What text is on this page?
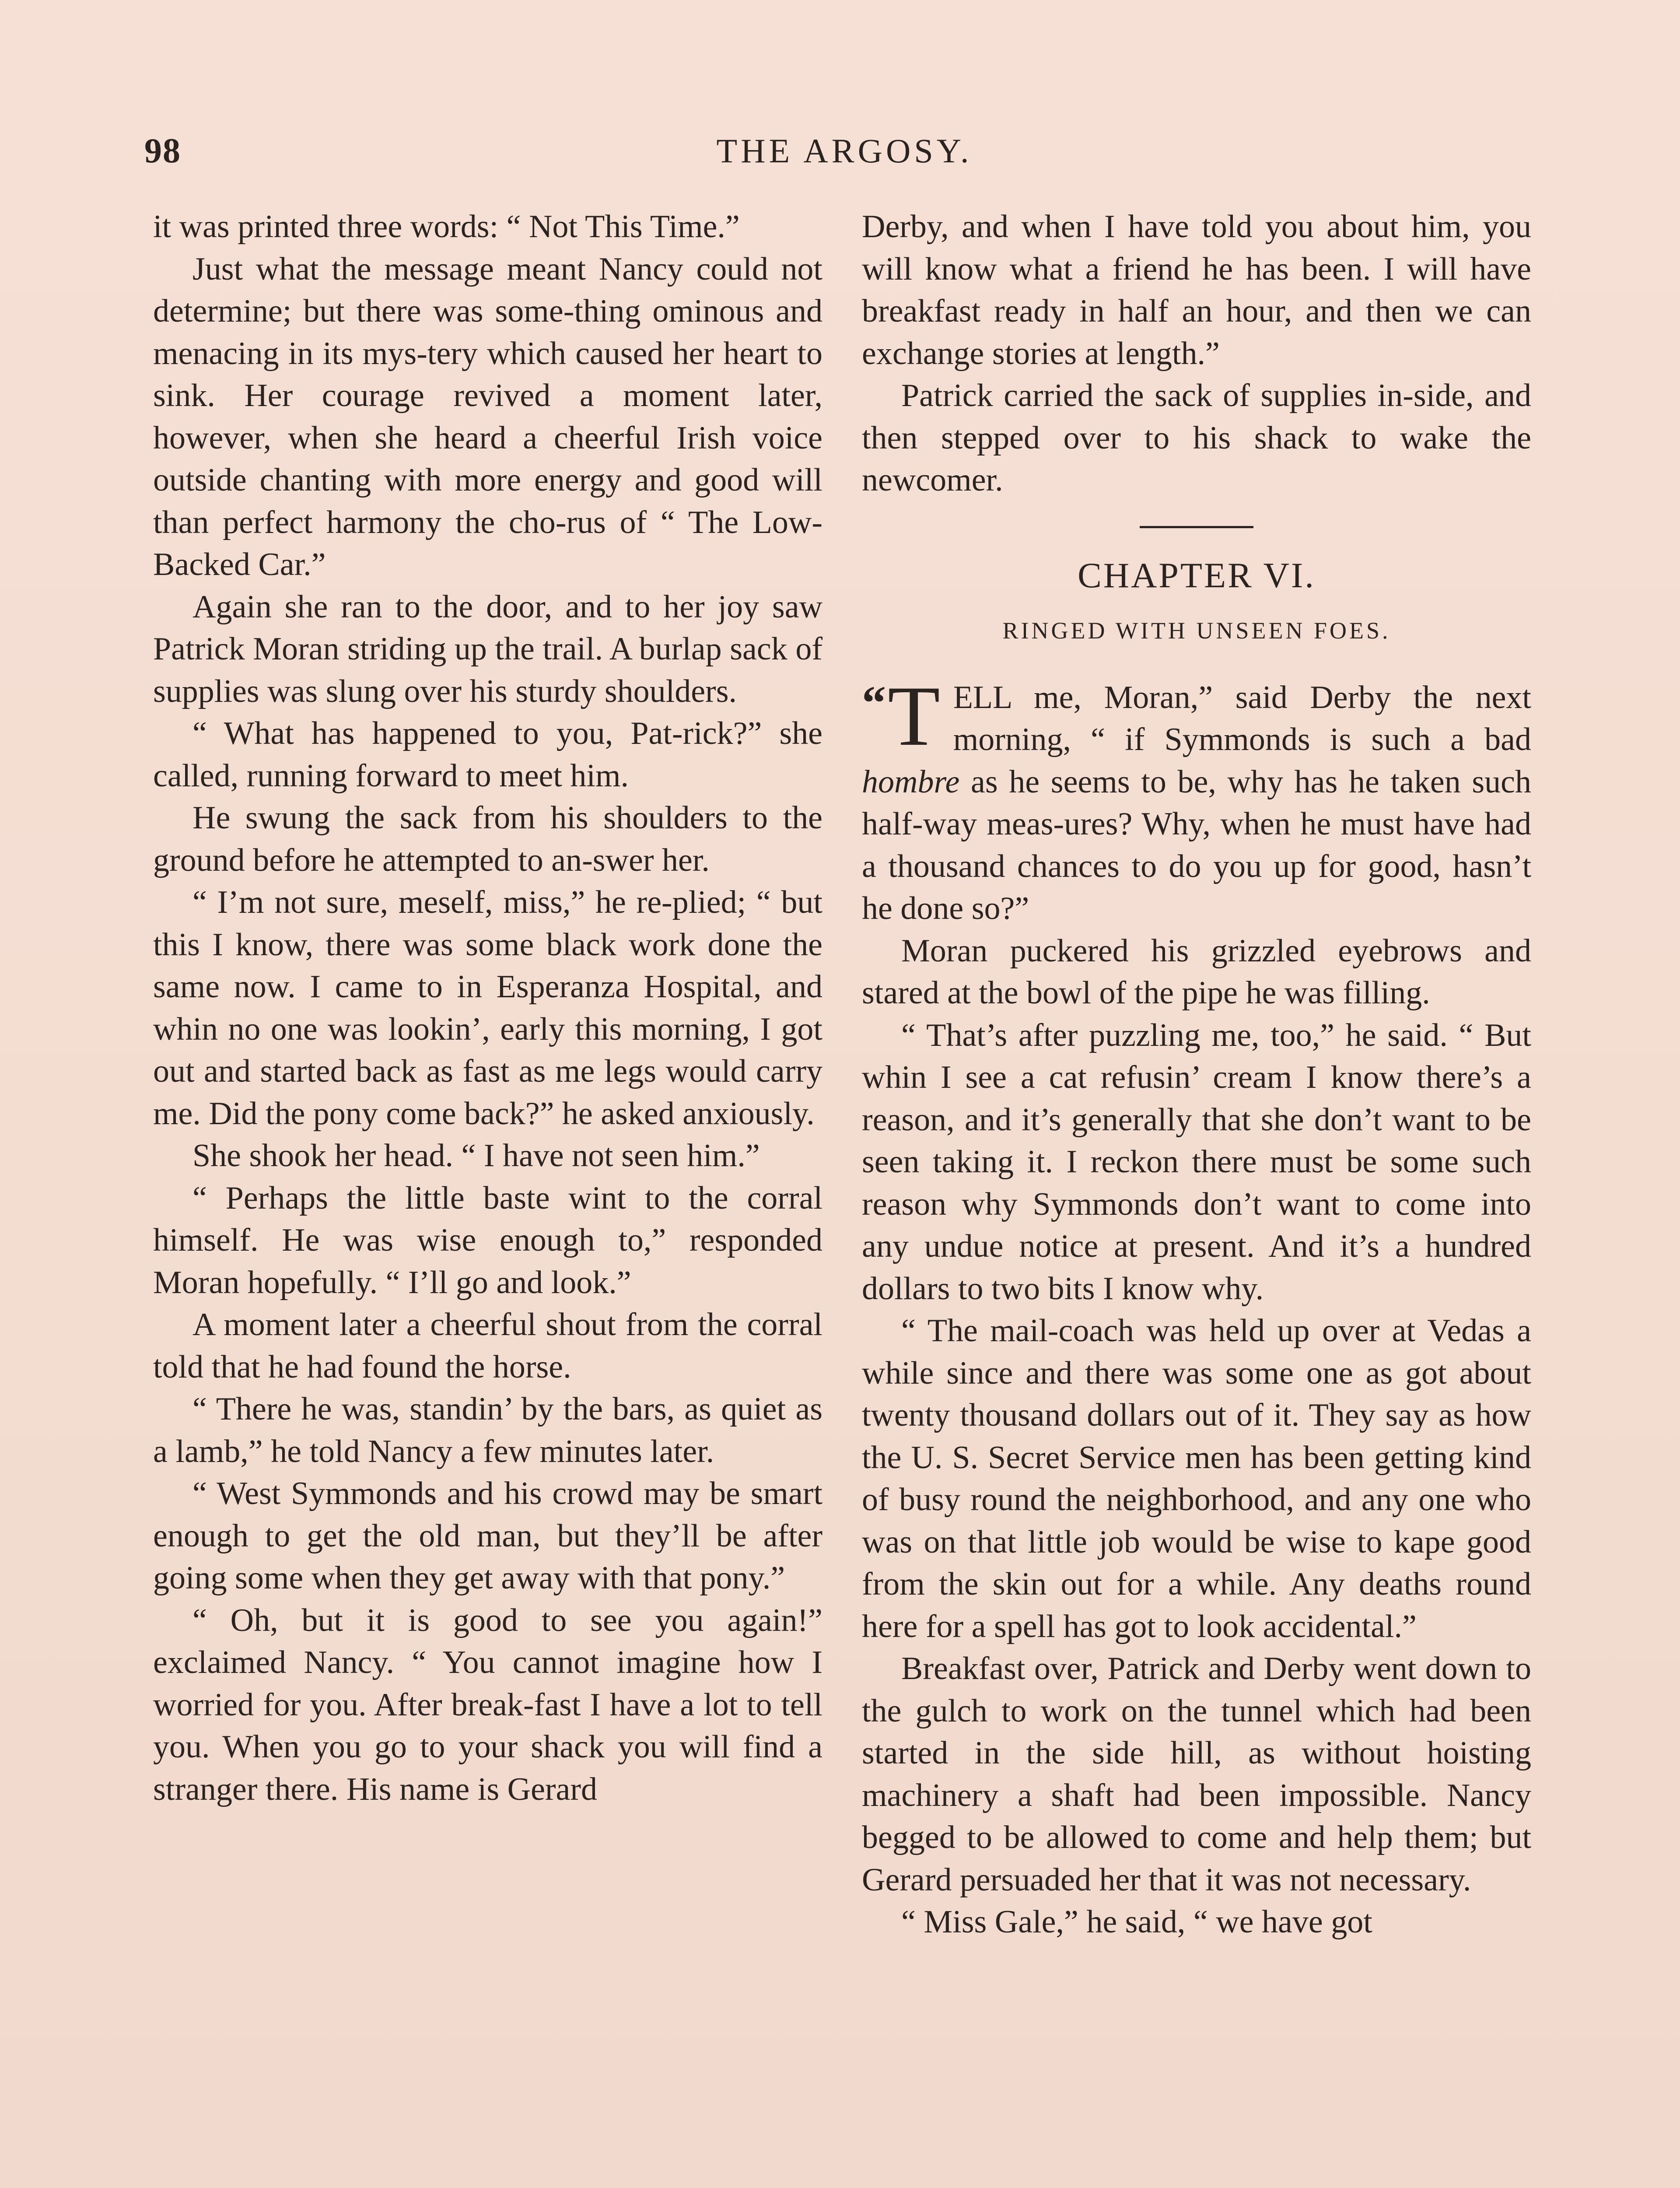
98	THE ARGOSY.

it was printed three words: “ Not This Time.”

Just what the message meant Nancy could not determine; but there was some-thing ominous and menacing in its mys-tery which caused her heart to sink. Her courage revived a moment later, however, when she heard a cheerful Irish voice outside chanting with more energy and good will than perfect harmony the cho-rus of “ The Low-Backed Car.”

Again she ran to the door, and to her joy saw Patrick Moran striding up the trail. A burlap sack of supplies was slung over his sturdy shoulders.

“ What has happened to you, Pat-rick?” she called, running forward to meet him.

He swung the sack from his shoulders to the ground before he attempted to an-swer her.

“ I’m not sure, meself, miss,” he re-plied; “ but this I know, there was some black work done the same now. I came to in Esperanza Hospital, and whin no one was lookin’, early this morning, I got out and started back as fast as me legs would carry me. Did the pony come back?” he asked anxiously.

She shook her head. “ I have not seen him.”

“ Perhaps the little baste wint to the corral himself. He was wise enough to,” responded Moran hopefully. “ I’ll go and look.”

A moment later a cheerful shout from the corral told that he had found the horse.

“ There he was, standin’ by the bars, as quiet as a lamb,” he told Nancy a few minutes later.

“ West Symmonds and his crowd may be smart enough to get the old man, but they’ll be after going some when they get away with that pony.”

“ Oh, but it is good to see you again!” exclaimed Nancy. “ You cannot imagine how I worried for you. After break-fast I have a lot to tell you. When you go to your shack you will find a stranger there. His name is Gerard

Derby, and when I have told you about him, you will know what a friend he has been. I will have breakfast ready in half an hour, and then we can exchange stories at length.”

Patrick carried the sack of supplies in-side, and then stepped over to his shack to wake the newcomer.

CHAPTER VI.
RINGED WITH UNSEEN FOES.

“ T ELL me, Moran,” said Derby the next morning, “ if Symmonds is such a bad hombre as he seems to be, why has he taken such half-way meas-ures? Why, when he must have had a thousand chances to do you up for good, hasn’t he done so?”

Moran puckered his grizzled eyebrows and stared at the bowl of the pipe he was filling.

“ That’s after puzzling me, too,” he said. “ But whin I see a cat refusin’ cream I know there’s a reason, and it’s generally that she don’t want to be seen taking it. I reckon there must be some such reason why Symmonds don’t want to come into any undue notice at present. And it’s a hundred dollars to two bits I know why.

“ The mail-coach was held up over at Vedas a while since and there was some one as got about twenty thousand dollars out of it. They say as how the U. S. Secret Service men has been getting kind of busy round the neighborhood, and any one who was on that little job would be wise to kape good from the skin out for a while. Any deaths round here for a spell has got to look accidental.”

Breakfast over, Patrick and Derby went down to the gulch to work on the tunnel which had been started in the side hill, as without hoisting machinery a shaft had been impossible. Nancy begged to be allowed to come and help them; but Gerard persuaded her that it was not necessary.

“ Miss Gale,” he said, “ we have got
